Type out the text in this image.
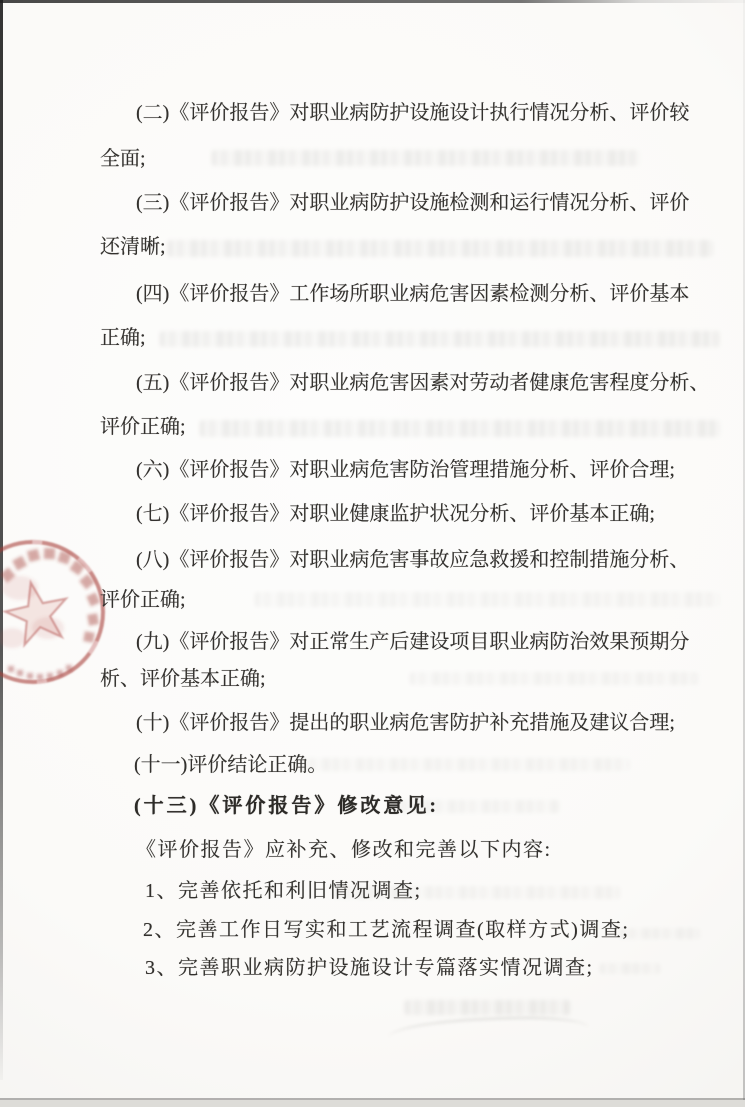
(二)《评价报告》对职业病防护设施设计执行情况分析、评价较
全面;
(三)《评价报告》对职业病防护设施检测和运行情况分析、评价
还清晰;
(四)《评价报告》工作场所职业病危害因素检测分析、评价基本
正确;
(五)《评价报告》对职业病危害因素对劳动者健康危害程度分析、
评价正确;
(六)《评价报告》对职业病危害防治管理措施分析、评价合理;
(七)《评价报告》对职业健康监护状况分析、评价基本正确;
(八)《评价报告》对职业病危害事故应急救援和控制措施分析、
评价正确;
(九)《评价报告》对正常生产后建设项目职业病防治效果预期分
析、评价基本正确;
(十)《评价报告》提出的职业病危害防护补充措施及建议合理;
(十一)评价结论正确。
(十三)《评价报告》修改意见:
《评价报告》应补充、修改和完善以下内容:
1、完善依托和利旧情况调查;
2、完善工作日写实和工艺流程调查(取样方式)调查;
3、完善职业病防护设施设计专篇落实情况调查;
